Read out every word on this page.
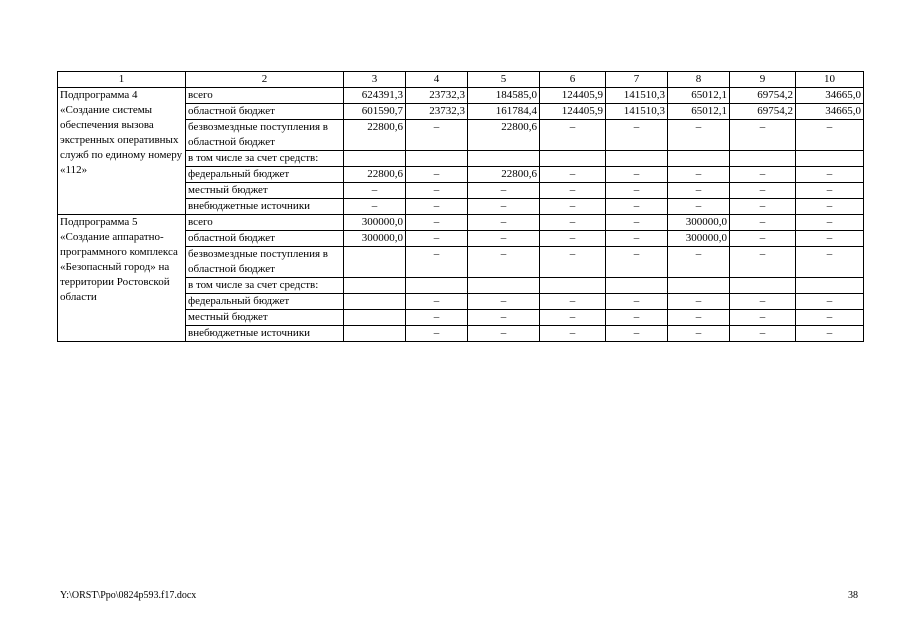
1	2	3	4	5	6	7	8	9	10
Подпрограмма 4 «Создание системы обеспечения вызова экстренных оперативных служб по единому номеру «112»	всего	624391,3	23732,3	184585,0	124405,9	141510,3	65012,1	69754,2	34665,0
	областной бюджет	601590,7	23732,3	161784,4	124405,9	141510,3	65012,1	69754,2	34665,0
	безвозмездные поступления в областной бюджет	22800,6	–	22800,6	–	–	–	–	–
	в том числе за счет средств:								
	федеральный бюджет	22800,6	–	22800,6	–	–	–	–	–
	местный бюджет	–	–	–	–	–	–	–	–
	внебюджетные источники	–	–	–	–	–	–	–	–
Подпрограмма 5 «Создание аппаратно-программного комплекса «Безопасный город» на территории Ростовской области	всего	300000,0	–	–	–	–	300000,0	–	–
	областной бюджет	300000,0	–	–	–	–	300000,0	–	–
	безвозмездные поступления в областной бюджет		–	–	–	–	–	–	–
	в том числе за счет средств:								
	федеральный бюджет		–	–	–	–	–	–	–
	местный бюджет		–	–	–	–	–	–	–
	внебюджетные источники		–	–	–	–	–	–	–
Y:\ORST\Ppo\0824p593.f17.docx	38
